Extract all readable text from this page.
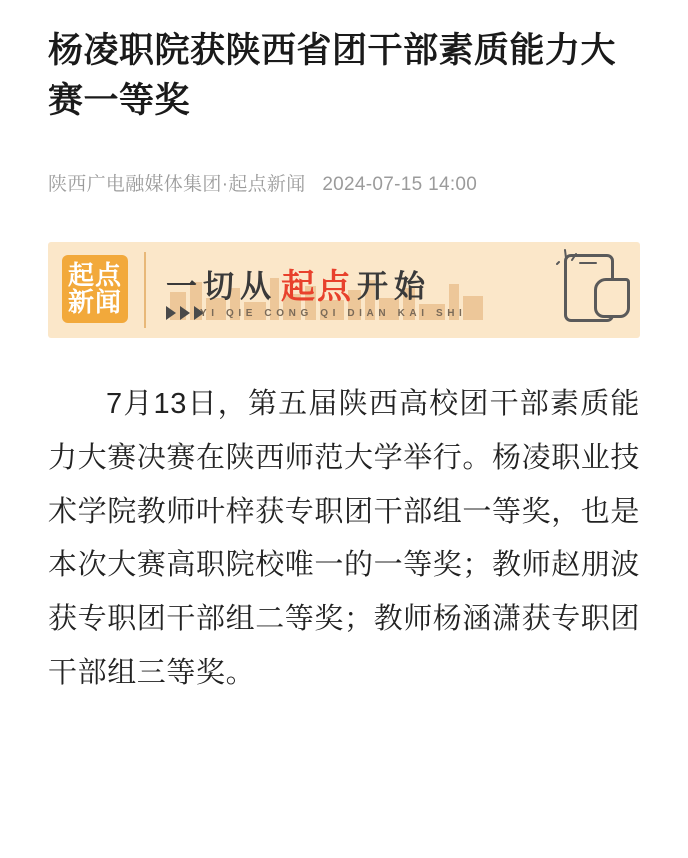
杨凌职院获陕西省团干部素质能力大赛一等奖
陕西广电融媒体集团·起点新闻 2024-07-15 14:00
起点
新闻 一切从 起点 开始
YI QIE CONG QI DIAN KAI SHI

7月13日，第五届陕西高校团干部素质能力大赛决赛在陕西师范大学举行。杨凌职业技术学院教师叶梓获专职团干部组一等奖，也是本次大赛高职院校唯一的一等奖；教师赵朋波获专职团干部组二等奖；教师杨涵潇获专职团干部组三等奖。
